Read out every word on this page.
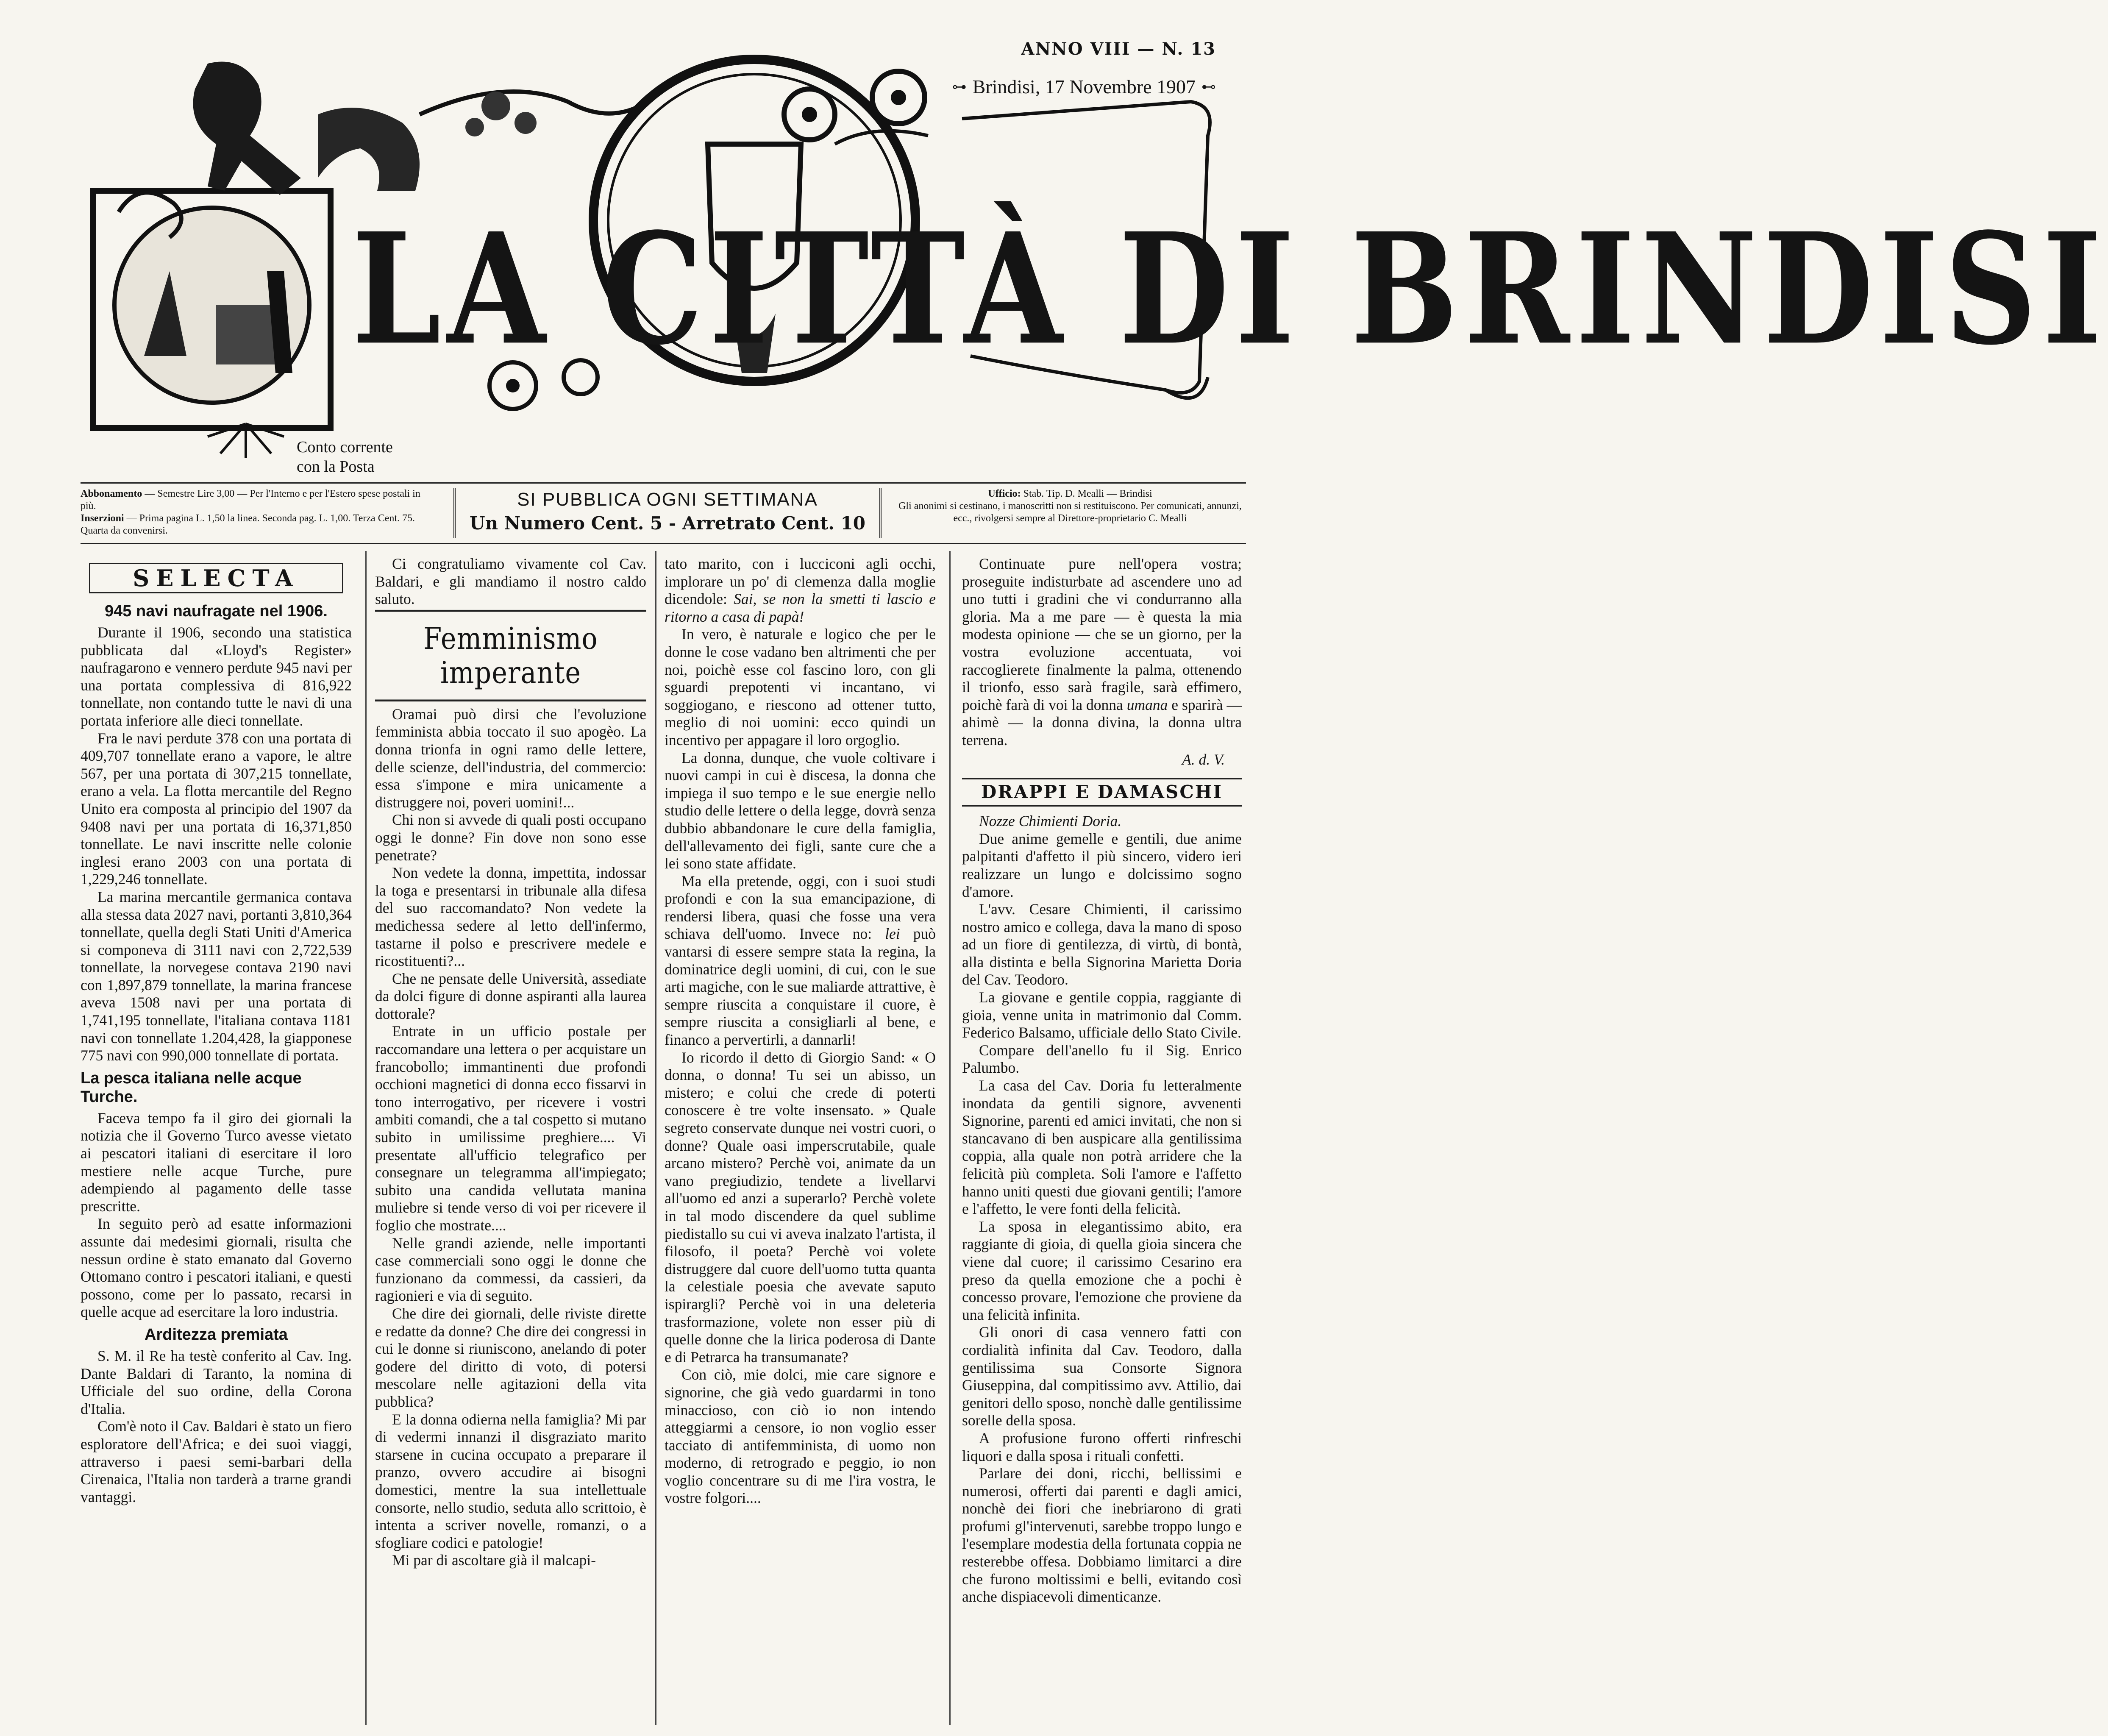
ANNO VIII — N. 13
⊶ Brindisi, 17 Novembre 1907 ⊷
LA CITTÀ DI BRINDISI
Conto corrente
con la Posta
Abbonamento — Semestre Lire 3,00 — Per l'Interno e per l'Estero spese postali in più.
Inserzioni — Prima pagina L. 1,50 la linea. Seconda pag. L. 1,00. Terza Cent. 75. Quarta da convenirsi.
SI PUBBLICA OGNI SETTIMANA
Un Numero Cent. 5 - Arretrato Cent. 10
Ufficio: Stab. Tip. D. Mealli — Brindisi
Gli anonimi si cestinano, i manoscritti non si restituiscono. Per comunicati, annunzi, ecc., rivolgersi sempre al Direttore-proprietario C. Mealli
SELECTA
945 navi naufragate nel 1906.

Durante il 1906, secondo una statistica pubblicata dal «Lloyd's Register» naufragarono e vennero perdute 945 navi per una portata complessiva di 816,922 tonnellate, non contando tutte le navi di una portata inferiore alle dieci tonnellate.

Fra le navi perdute 378 con una portata di 409,707 tonnellate erano a vapore, le altre 567, per una portata di 307,215 tonnellate, erano a vela. La flotta mercantile del Regno Unito era composta al principio del 1907 da 9408 navi per una portata di 16,371,850 tonnellate. Le navi inscritte nelle colonie inglesi erano 2003 con una portata di 1,229,246 tonnellate.

La marina mercantile germanica contava alla stessa data 2027 navi, portanti 3,810,364 tonnellate, quella degli Stati Uniti d'America si componeva di 3111 navi con 2,722,539 tonnellate, la norvegese contava 2190 navi con 1,897,879 tonnellate, la marina francese aveva 1508 navi per una portata di 1,741,195 tonnellate, l'italiana contava 1181 navi con tonnellate 1.204,428, la giapponese 775 navi con 990,000 tonnellate di portata.

La pesca italiana nelle acque Turche.

Faceva tempo fa il giro dei giornali la notizia che il Governo Turco avesse vietato ai pescatori italiani di esercitare il loro mestiere nelle acque Turche, pure adempiendo al pagamento delle tasse prescritte.

In seguito però ad esatte informazioni assunte dai medesimi giornali, risulta che nessun ordine è stato emanato dal Governo Ottomano contro i pescatori italiani, e questi possono, come per lo passato, recarsi in quelle acque ad esercitare la loro industria.

Arditezza premiata

S. M. il Re ha testè conferito al Cav. Ing. Dante Baldari di Taranto, la nomina di Ufficiale del suo ordine, della Corona d'Italia.

Com'è noto il Cav. Baldari è stato un fiero esploratore dell'Africa; e dei suoi viaggi, attraverso i paesi semi-barbari della Cirenaica, l'Italia non tarderà a trarne grandi vantaggi.

Ci congratuliamo vivamente col Cav. Baldari, e gli mandiamo il nostro caldo saluto.

Femminismo imperante

Oramai può dirsi che l'evoluzione femminista abbia toccato il suo apogèo. La donna trionfa in ogni ramo delle lettere, delle scienze, dell'industria, del commercio: essa s'impone e mira unicamente a distruggere noi, poveri uomini!...

Chi non si avvede di quali posti occupano oggi le donne? Fin dove non sono esse penetrate?

Non vedete la donna, impettita, indossar la toga e presentarsi in tribunale alla difesa del suo raccomandato? Non vedete la medichessa sedere al letto dell'infermo, tastarne il polso e prescrivere medele e ricostituenti?...

Che ne pensate delle Università, assediate da dolci figure di donne aspiranti alla laurea dottorale?

Entrate in un ufficio postale per raccomandare una lettera o per acquistare un francobollo; immantinenti due profondi occhioni magnetici di donna ecco fissarvi in tono interrogativo, per ricevere i vostri ambiti comandi, che a tal cospetto si mutano subito in umilissime preghiere.... Vi presentate all'ufficio telegrafico per consegnare un telegramma all'impiegato; subito una candida vellutata manina muliebre si tende verso di voi per ricevere il foglio che mostrate....

Nelle grandi aziende, nelle importanti case commerciali sono oggi le donne che funzionano da commessi, da cassieri, da ragionieri e via di seguito.

Che dire dei giornali, delle riviste dirette e redatte da donne? Che dire dei congressi in cui le donne si riuniscono, anelando di poter godere del diritto di voto, di potersi mescolare nelle agitazioni della vita pubblica?

E la donna odierna nella famiglia? Mi par di vedermi innanzi il disgraziato marito starsene in cucina occupato a preparare il pranzo, ovvero accudire ai bisogni domestici, mentre la sua intellettuale consorte, nello studio, seduta allo scrittoio, è intenta a scriver novelle, romanzi, o a sfogliare codici e patologie!

Mi par di ascoltare già il malcapi-

tato marito, con i lucciconi agli occhi, implorare un po' di clemenza dalla moglie dicendole: Sai, se non la smetti ti lascio e ritorno a casa di papà!

In vero, è naturale e logico che per le donne le cose vadano ben altrimenti che per noi, poichè esse col fascino loro, con gli sguardi prepotenti vi incantano, vi soggiogano, e riescono ad ottener tutto, meglio di noi uomini: ecco quindi un incentivo per appagare il loro orgoglio.

La donna, dunque, che vuole coltivare i nuovi campi in cui è discesa, la donna che impiega il suo tempo e le sue energie nello studio delle lettere o della legge, dovrà senza dubbio abbandonare le cure della famiglia, dell'allevamento dei figli, sante cure che a lei sono state affidate.

Ma ella pretende, oggi, con i suoi studi profondi e con la sua emancipazione, di rendersi libera, quasi che fosse una vera schiava dell'uomo. Invece no: lei può vantarsi di essere sempre stata la regina, la dominatrice degli uomini, di cui, con le sue arti magiche, con le sue maliarde attrattive, è sempre riuscita a conquistare il cuore, è sempre riuscita a consigliarli al bene, e financo a pervertirli, a dannarli!

Io ricordo il detto di Giorgio Sand: « O donna, o donna! Tu sei un abisso, un mistero; e colui che crede di poterti conoscere è tre volte insensato. » Quale segreto conservate dunque nei vostri cuori, o donne? Quale oasi imperscrutabile, quale arcano mistero? Perchè voi, animate da un vano pregiudizio, tendete a livellarvi all'uomo ed anzi a superarlo? Perchè volete in tal modo discendere da quel sublime piedistallo su cui vi aveva inalzato l'artista, il filosofo, il poeta? Perchè voi volete distruggere dal cuore dell'uomo tutta quanta la celestiale poesia che avevate saputo ispirargli? Perchè voi in una deleteria trasformazione, volete non esser più di quelle donne che la lirica poderosa di Dante e di Petrarca ha transumanate?

Con ciò, mie dolci, mie care signore e signorine, che già vedo guardarmi in tono minaccioso, con ciò io non intendo atteggiarmi a censore, io non voglio esser tacciato di antifemminista, di uomo non moderno, di retrogrado e peggio, io non voglio concentrare su di me l'ira vostra, le vostre folgori....

Continuate pure nell'opera vostra; proseguite indisturbate ad ascendere uno ad uno tutti i gradini che vi condurranno alla gloria. Ma a me pare — è questa la mia modesta opinione — che se un giorno, per la vostra evoluzione accentuata, voi raccoglierete finalmente la palma, ottenendo il trionfo, esso sarà fragile, sarà effimero, poichè farà di voi la donna umana e sparirà — ahimè — la donna divina, la donna ultra terrena.

A. d. V.
DRAPPI E DAMASCHI

Nozze Chimienti Doria.

Due anime gemelle e gentili, due anime palpitanti d'affetto il più sincero, videro ieri realizzare un lungo e dolcissimo sogno d'amore.

L'avv. Cesare Chimienti, il carissimo nostro amico e collega, dava la mano di sposo ad un fiore di gentilezza, di virtù, di bontà, alla distinta e bella Signorina Marietta Doria del Cav. Teodoro.

La giovane e gentile coppia, raggiante di gioia, venne unita in matrimonio dal Comm. Federico Balsamo, ufficiale dello Stato Civile.

Compare dell'anello fu il Sig. Enrico Palumbo.

La casa del Cav. Doria fu letteralmente inondata da gentili signore, avvenenti Signorine, parenti ed amici invitati, che non si stancavano di ben auspicare alla gentilissima coppia, alla quale non potrà arridere che la felicità più completa. Soli l'amore e l'affetto hanno uniti questi due giovani gentili; l'amore e l'affetto, le vere fonti della felicità.

La sposa in elegantissimo abito, era raggiante di gioia, di quella gioia sincera che viene dal cuore; il carissimo Cesarino era preso da quella emozione che a pochi è concesso provare, l'emozione che proviene da una felicità infinita.

Gli onori di casa vennero fatti con cordialità infinita dal Cav. Teodoro, dalla gentilissima sua Consorte Signora Giuseppina, dal compitissimo avv. Attilio, dai genitori dello sposo, nonchè dalle gentilissime sorelle della sposa.

A profusione furono offerti rinfreschi liquori e dalla sposa i rituali confetti.

Parlare dei doni, ricchi, bellissimi e numerosi, offerti dai parenti e dagli amici, nonchè dei fiori che inebriarono di grati profumi gl'intervenuti, sarebbe troppo lungo e l'esemplare modestia della fortunata coppia ne resterebbe offesa. Dobbiamo limitarci a dire che furono moltissimi e belli, evitando così anche dispiacevoli dimenticanze.
